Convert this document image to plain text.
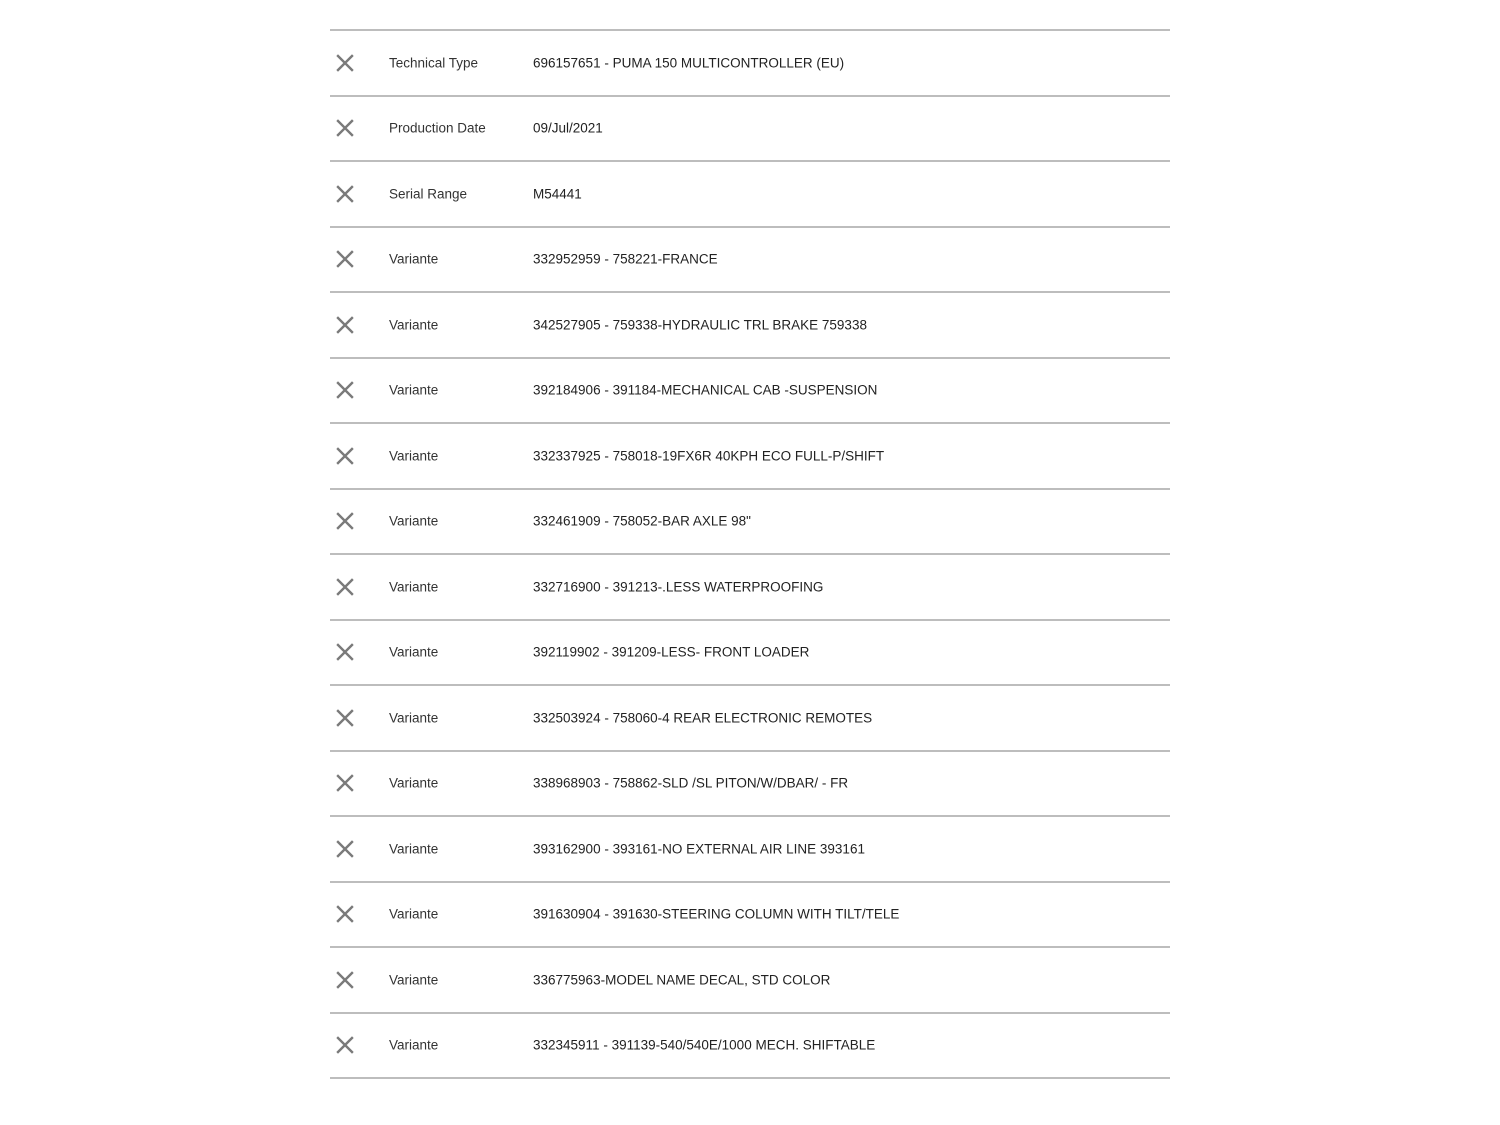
Technical Type	696157651 - PUMA 150 MULTICONTROLLER (EU)
Production Date	09/Jul/2021
Serial Range	M54441
Variante	332952959 - 758221-FRANCE
Variante	342527905 - 759338-HYDRAULIC TRL BRAKE 759338
Variante	392184906 - 391184-MECHANICAL CAB -SUSPENSION
Variante	332337925 - 758018-19FX6R 40KPH ECO FULL-P/SHIFT
Variante	332461909 - 758052-BAR AXLE 98"
Variante	332716900 - 391213-.LESS WATERPROOFING
Variante	392119902 - 391209-LESS- FRONT LOADER
Variante	332503924 - 758060-4 REAR ELECTRONIC REMOTES
Variante	338968903 - 758862-SLD /SL PITON/W/DBAR/ - FR
Variante	393162900 - 393161-NO EXTERNAL AIR LINE 393161
Variante	391630904 - 391630-STEERING COLUMN WITH TILT/TELE
Variante	336775963-MODEL NAME DECAL, STD COLOR
Variante	332345911 - 391139-540/540E/1000 MECH. SHIFTABLE
